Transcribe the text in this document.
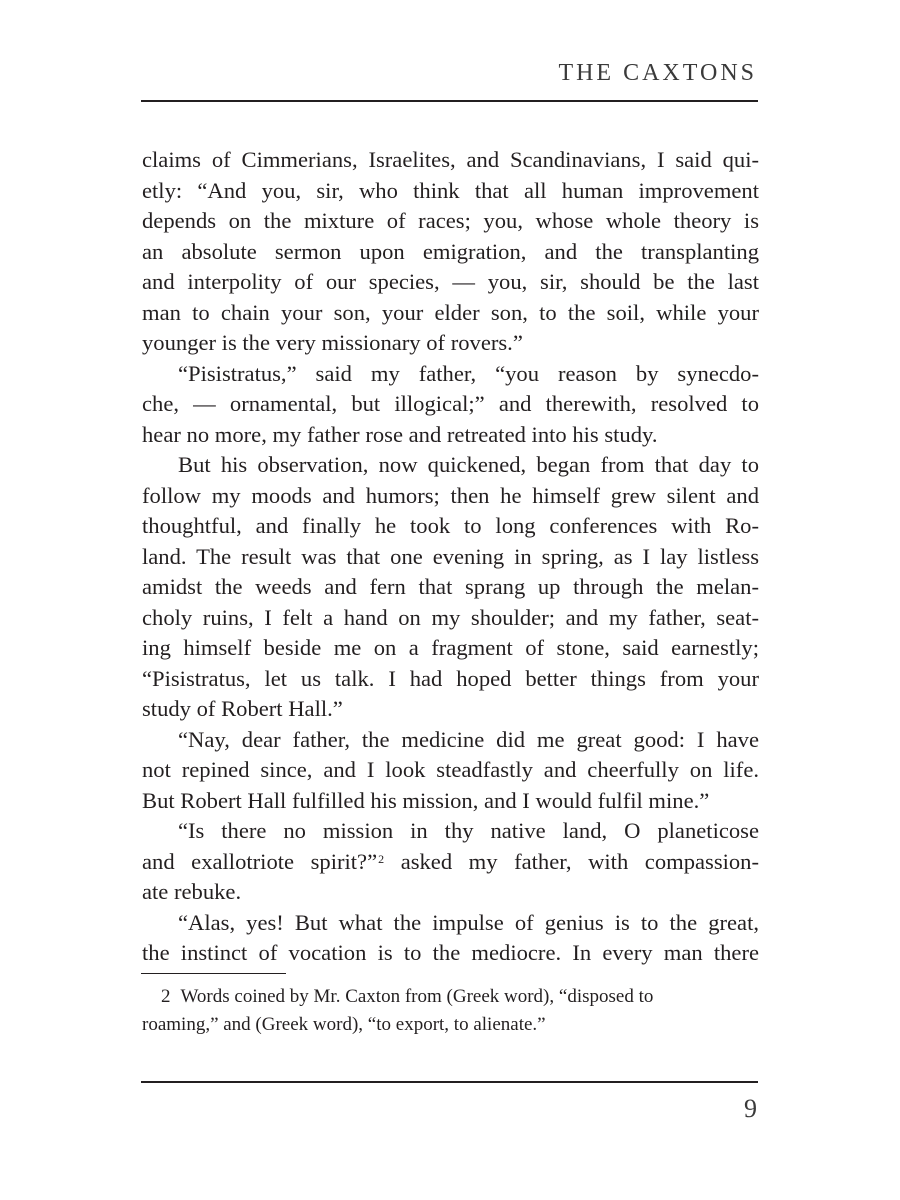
THE CAXTONS
claims of Cimmerians, Israelites, and Scandinavians, I said qui-
etly: “And you, sir, who think that all human improvement
depends on the mixture of races; you, whose whole theory is
an absolute sermon upon emigration, and the transplanting
and interpolity of our species, — you, sir, should be the last
man to chain your son, your elder son, to the soil, while your
younger is the very missionary of rovers.”
“Pisistratus,” said my father, “you reason by synecdo-
che, — ornamental, but illogical;” and therewith, resolved to
hear no more, my father rose and retreated into his study.
But his observation, now quickened, began from that day to
follow my moods and humors; then he himself grew silent and
thoughtful, and finally he took to long conferences with Ro-
land. The result was that one evening in spring, as I lay listless
amidst the weeds and fern that sprang up through the melan-
choly ruins, I felt a hand on my shoulder; and my father, seat-
ing himself beside me on a fragment of stone, said earnestly;
“Pisistratus, let us talk. I had hoped better things from your
study of Robert Hall.”
“Nay, dear father, the medicine did me great good: I have
not repined since, and I look steadfastly and cheerfully on life.
But Robert Hall fulfilled his mission, and I would fulfil mine.”
“Is there no mission in thy native land, O planeticose
and exallotriote spirit?”$^2$ asked my father, with compassion-
ate rebuke.
“Alas, yes! But what the impulse of genius is to the great,
the instinct of vocation is to the mediocre. In every man there
2 Words coined by Mr. Caxton from (Greek word), “disposed to
roaming,” and (Greek word), “to export, to alienate.”
9
